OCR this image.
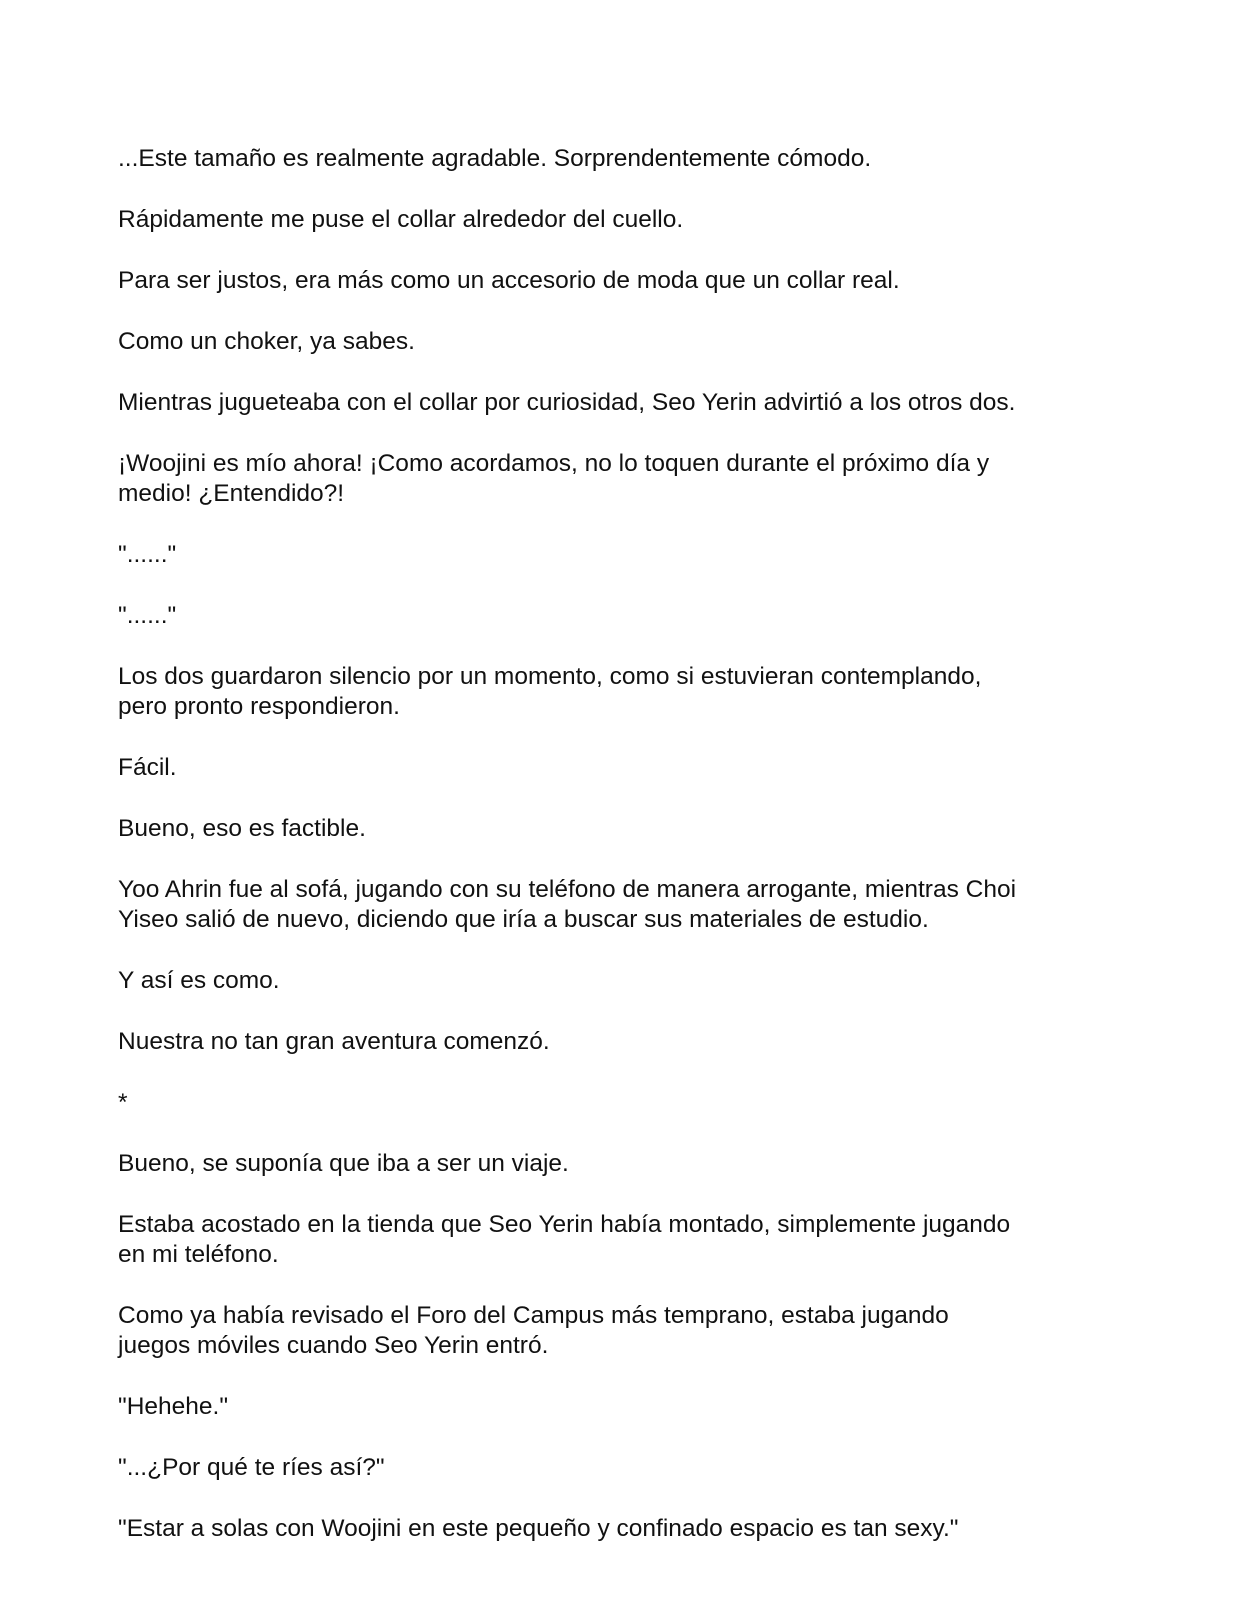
...Este tamaño es realmente agradable. Sorprendentemente cómodo.

Rápidamente me puse el collar alrededor del cuello.

Para ser justos, era más como un accesorio de moda que un collar real.

Como un choker, ya sabes.

Mientras jugueteaba con el collar por curiosidad, Seo Yerin advirtió a los otros dos.

¡Woojini es mío ahora! ¡Como acordamos, no lo toquen durante el próximo día y
medio! ¿Entendido?!

"......"

"......"

Los dos guardaron silencio por un momento, como si estuvieran contemplando,
pero pronto respondieron.

Fácil.

Bueno, eso es factible.

Yoo Ahrin fue al sofá, jugando con su teléfono de manera arrogante, mientras Choi
Yiseo salió de nuevo, diciendo que iría a buscar sus materiales de estudio.

Y así es como.

Nuestra no tan gran aventura comenzó.

*

Bueno, se suponía que iba a ser un viaje.

Estaba acostado en la tienda que Seo Yerin había montado, simplemente jugando
en mi teléfono.

Como ya había revisado el Foro del Campus más temprano, estaba jugando
juegos móviles cuando Seo Yerin entró.

"Hehehe."

"...¿Por qué te ríes así?"

"Estar a solas con Woojini en este pequeño y confinado espacio es tan sexy."
